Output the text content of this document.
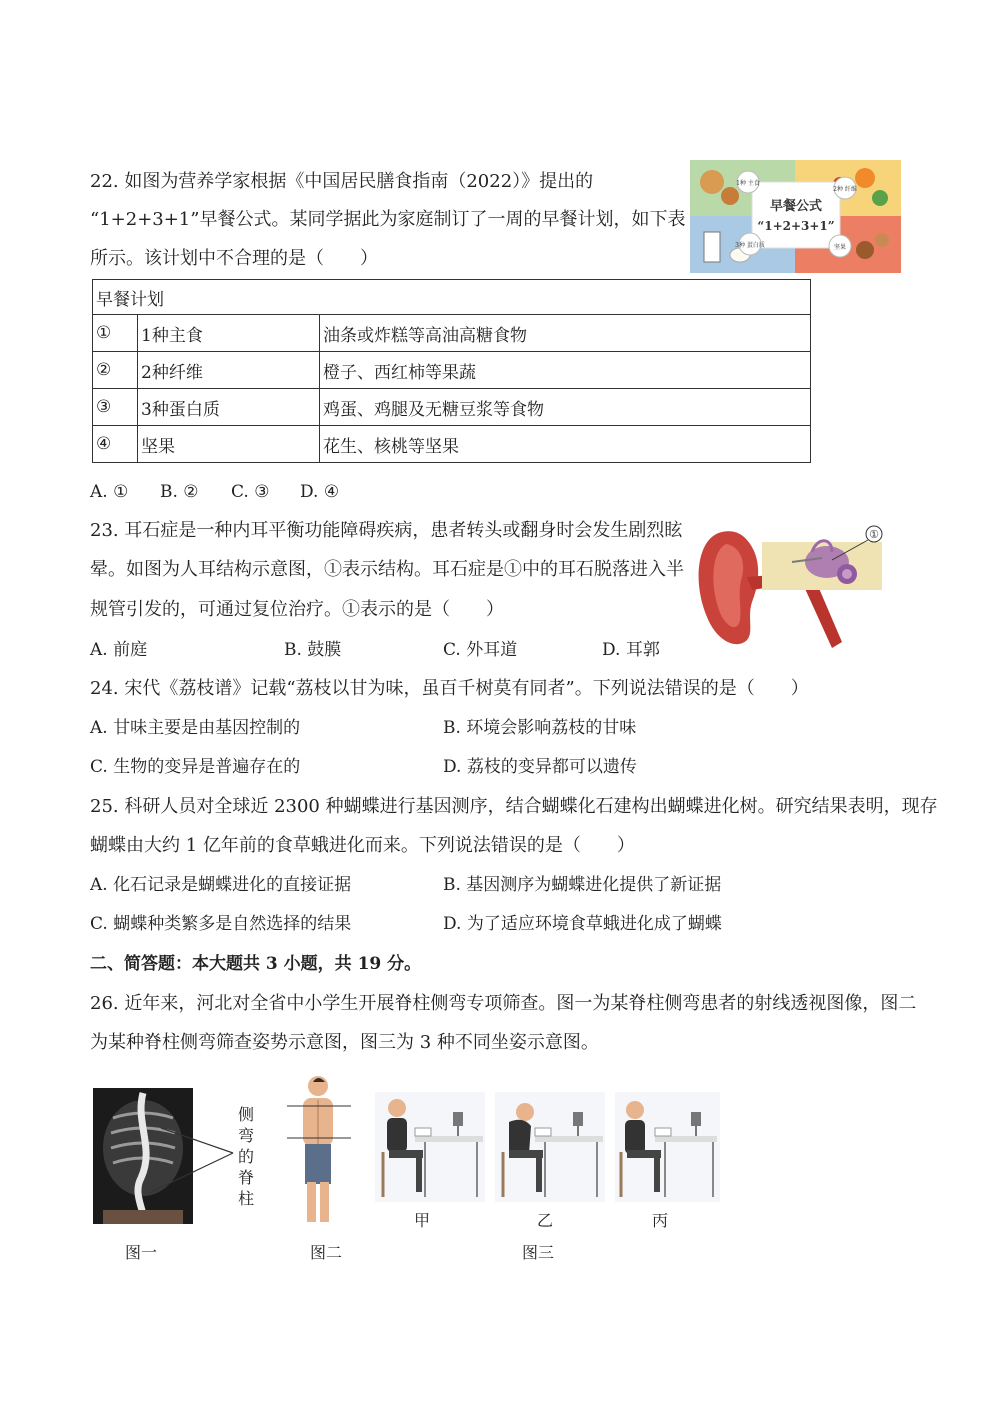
22. 如图为营养学家根据《中国居民膳食指南（2022）》提出的
“1+2+3+1”早餐公式。某同学据此为家庭制订了一周的早餐计划，如下表
所示。该计划中不合理的是（　　）
早餐公式
“1+2+3+1”
1种 主食
2种 纤维
3种 蛋白质	坚果
早餐计划		
①	1种主食	油条或炸糕等高油高糖食物
②	2种纤维	橙子、西红柿等果蔬
③	3种蛋白质	鸡蛋、鸡腿及无糖豆浆等食物
④	坚果	花生、核桃等坚果
A. ① B. ② C. ③ D. ④
23. 耳石症是一种内耳平衡功能障碍疾病，患者转头或翻身时会发生剧烈眩
晕。如图为人耳结构示意图，①表示结构。耳石症是①中的耳石脱落进入半
规管引发的，可通过复位治疗。①表示的是（　　）
①
A. 前庭	B. 鼓膜	C. 外耳道	D. 耳郭
24. 宋代《荔枝谱》记载“荔枝以甘为味，虽百千树莫有同者”。下列说法错误的是（　　）
A. 甘味主要是由基因控制的	B. 环境会影响荔枝的甘味
C. 生物的变异是普遍存在的	D. 荔枝的变异都可以遗传
25. 科研人员对全球近 2300 种蝴蝶进行基因测序，结合蝴蝶化石建构出蝴蝶进化树。研究结果表明，现存
蝴蝶由大约 1 亿年前的食草蛾进化而来。下列说法错误的是（　　）
A. 化石记录是蝴蝶进化的直接证据	B. 基因测序为蝴蝶进化提供了新证据
C. 蝴蝶种类繁多是自然选择的结果	D. 为了适应环境食草蛾进化成了蝴蝶
二、简答题：本大题共 3 小题，共 19 分。
26. 近年来，河北对全省中小学生开展脊柱侧弯专项筛查。图一为某脊柱侧弯患者的射线透视图像，图二
为某种脊柱侧弯筛查姿势示意图，图三为 3 种不同坐姿示意图。
侧
弯
的
脊
柱
甲	乙	丙
图一	图二	图三
